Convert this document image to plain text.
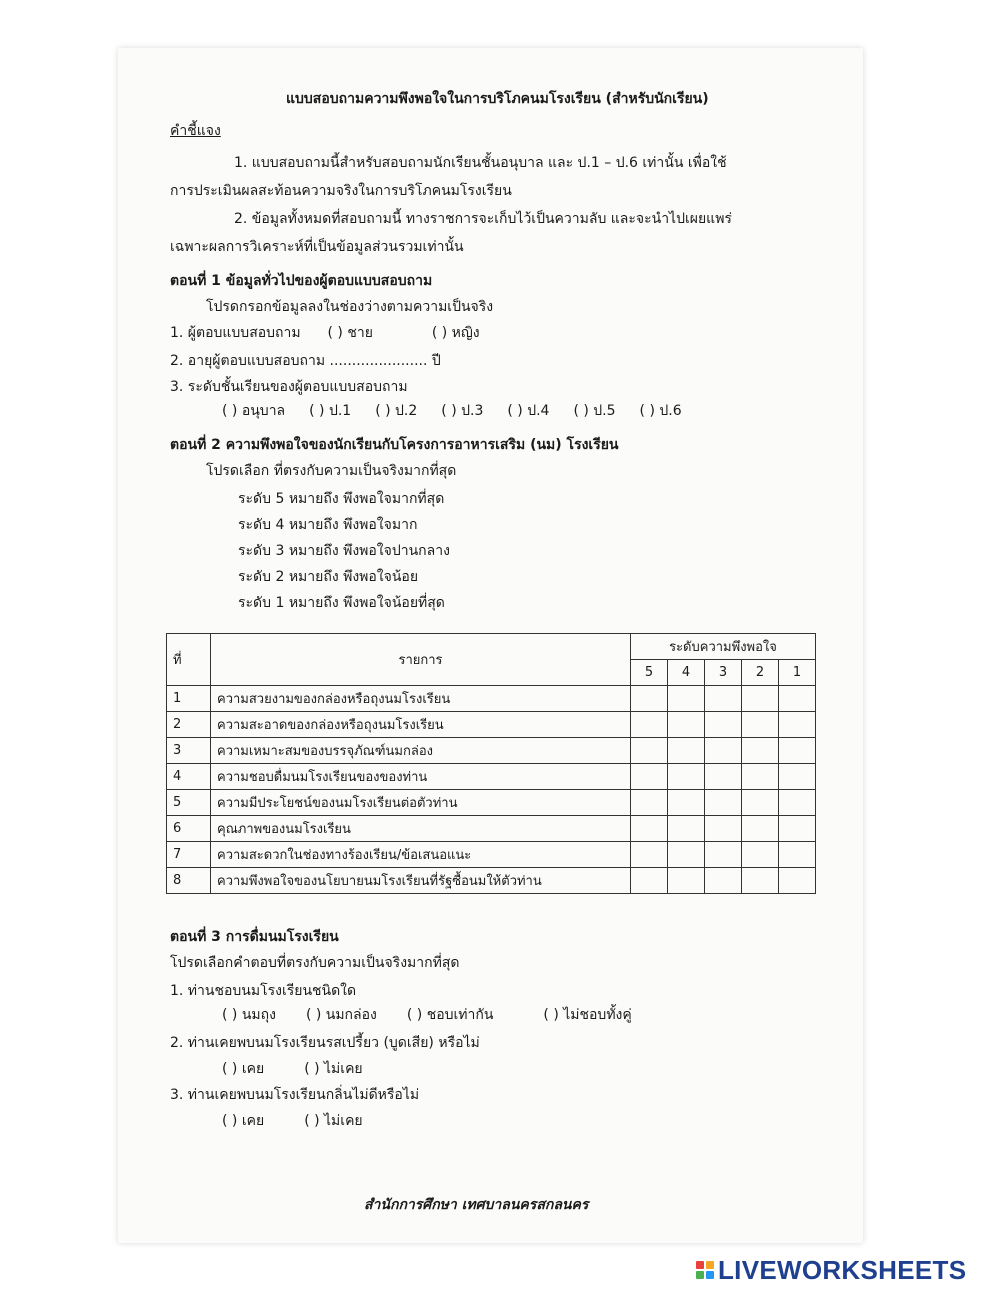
แบบสอบถามความพึงพอใจในการบริโภคนมโรงเรียน (สำหรับนักเรียน)
คำชี้แจง
1. แบบสอบถามนี้สำหรับสอบถามนักเรียนชั้นอนุบาล และ ป.1 – ป.6 เท่านั้น เพื่อใช้
การประเมินผลสะท้อนความจริงในการบริโภคนมโรงเรียน
2. ข้อมูลทั้งหมดที่สอบถามนี้ ทางราชการจะเก็บไว้เป็นความลับ และจะนำไปเผยแพร่
เฉพาะผลการวิเคราะห์ที่เป็นข้อมูลส่วนรวมเท่านั้น
ตอนที่ 1 ข้อมูลทั่วไปของผู้ตอบแบบสอบถาม
โปรดกรอกข้อมูลลงในช่องว่างตามความเป็นจริง
1. ผู้ตอบแบบสอบถาม ( ) ชาย	( ) หญิง
2. อายุผู้ตอบแบบสอบถาม ...................... ปี
3. ระดับชั้นเรียนของผู้ตอบแบบสอบถาม
( ) อนุบาล ( ) ป.1 ( ) ป.2 ( ) ป.3 ( ) ป.4 ( ) ป.5 ( ) ป.6
ตอนที่ 2 ความพึงพอใจของนักเรียนกับโครงการอาหารเสริม (นม) โรงเรียน
โปรดเลือก ที่ตรงกับความเป็นจริงมากที่สุด
ระดับ 5 หมายถึง พึงพอใจมากที่สุด
ระดับ 4 หมายถึง พึงพอใจมาก
ระดับ 3 หมายถึง พึงพอใจปานกลาง
ระดับ 2 หมายถึง พึงพอใจน้อย
ระดับ 1 หมายถึง พึงพอใจน้อยที่สุด
ที่	รายการ	ระดับความพึงพอใจ				
		5	4	3	2	1
1	ความสวยงามของกล่องหรือถุงนมโรงเรียน					
2	ความสะอาดของกล่องหรือถุงนมโรงเรียน					
3	ความเหมาะสมของบรรจุภัณฑ์นมกล่อง					
4	ความชอบดื่มนมโรงเรียนของของท่าน					
5	ความมีประโยชน์ของนมโรงเรียนต่อตัวท่าน					
6	คุณภาพของนมโรงเรียน					
7	ความสะดวกในช่องทางร้องเรียน/ข้อเสนอแนะ					
8	ความพึงพอใจของนโยบายนมโรงเรียนที่รัฐซื้อนมให้ตัวท่าน					
ตอนที่ 3 การดื่มนมโรงเรียน
โปรดเลือกคำตอบที่ตรงกับความเป็นจริงมากที่สุด
1. ท่านชอบนมโรงเรียนชนิดใด
( ) นมถุง ( ) นมกล่อง ( ) ชอบเท่ากัน	( ) ไม่ชอบทั้งคู่
2. ท่านเคยพบนมโรงเรียนรสเปรี้ยว (บูดเสีย) หรือไม่
( ) เคย	( ) ไม่เคย
3. ท่านเคยพบนมโรงเรียนกลิ่นไม่ดีหรือไม่
( ) เคย	( ) ไม่เคย
สำนักการศึกษา เทศบาลนครสกลนคร
LIVEWORKSHEETS
